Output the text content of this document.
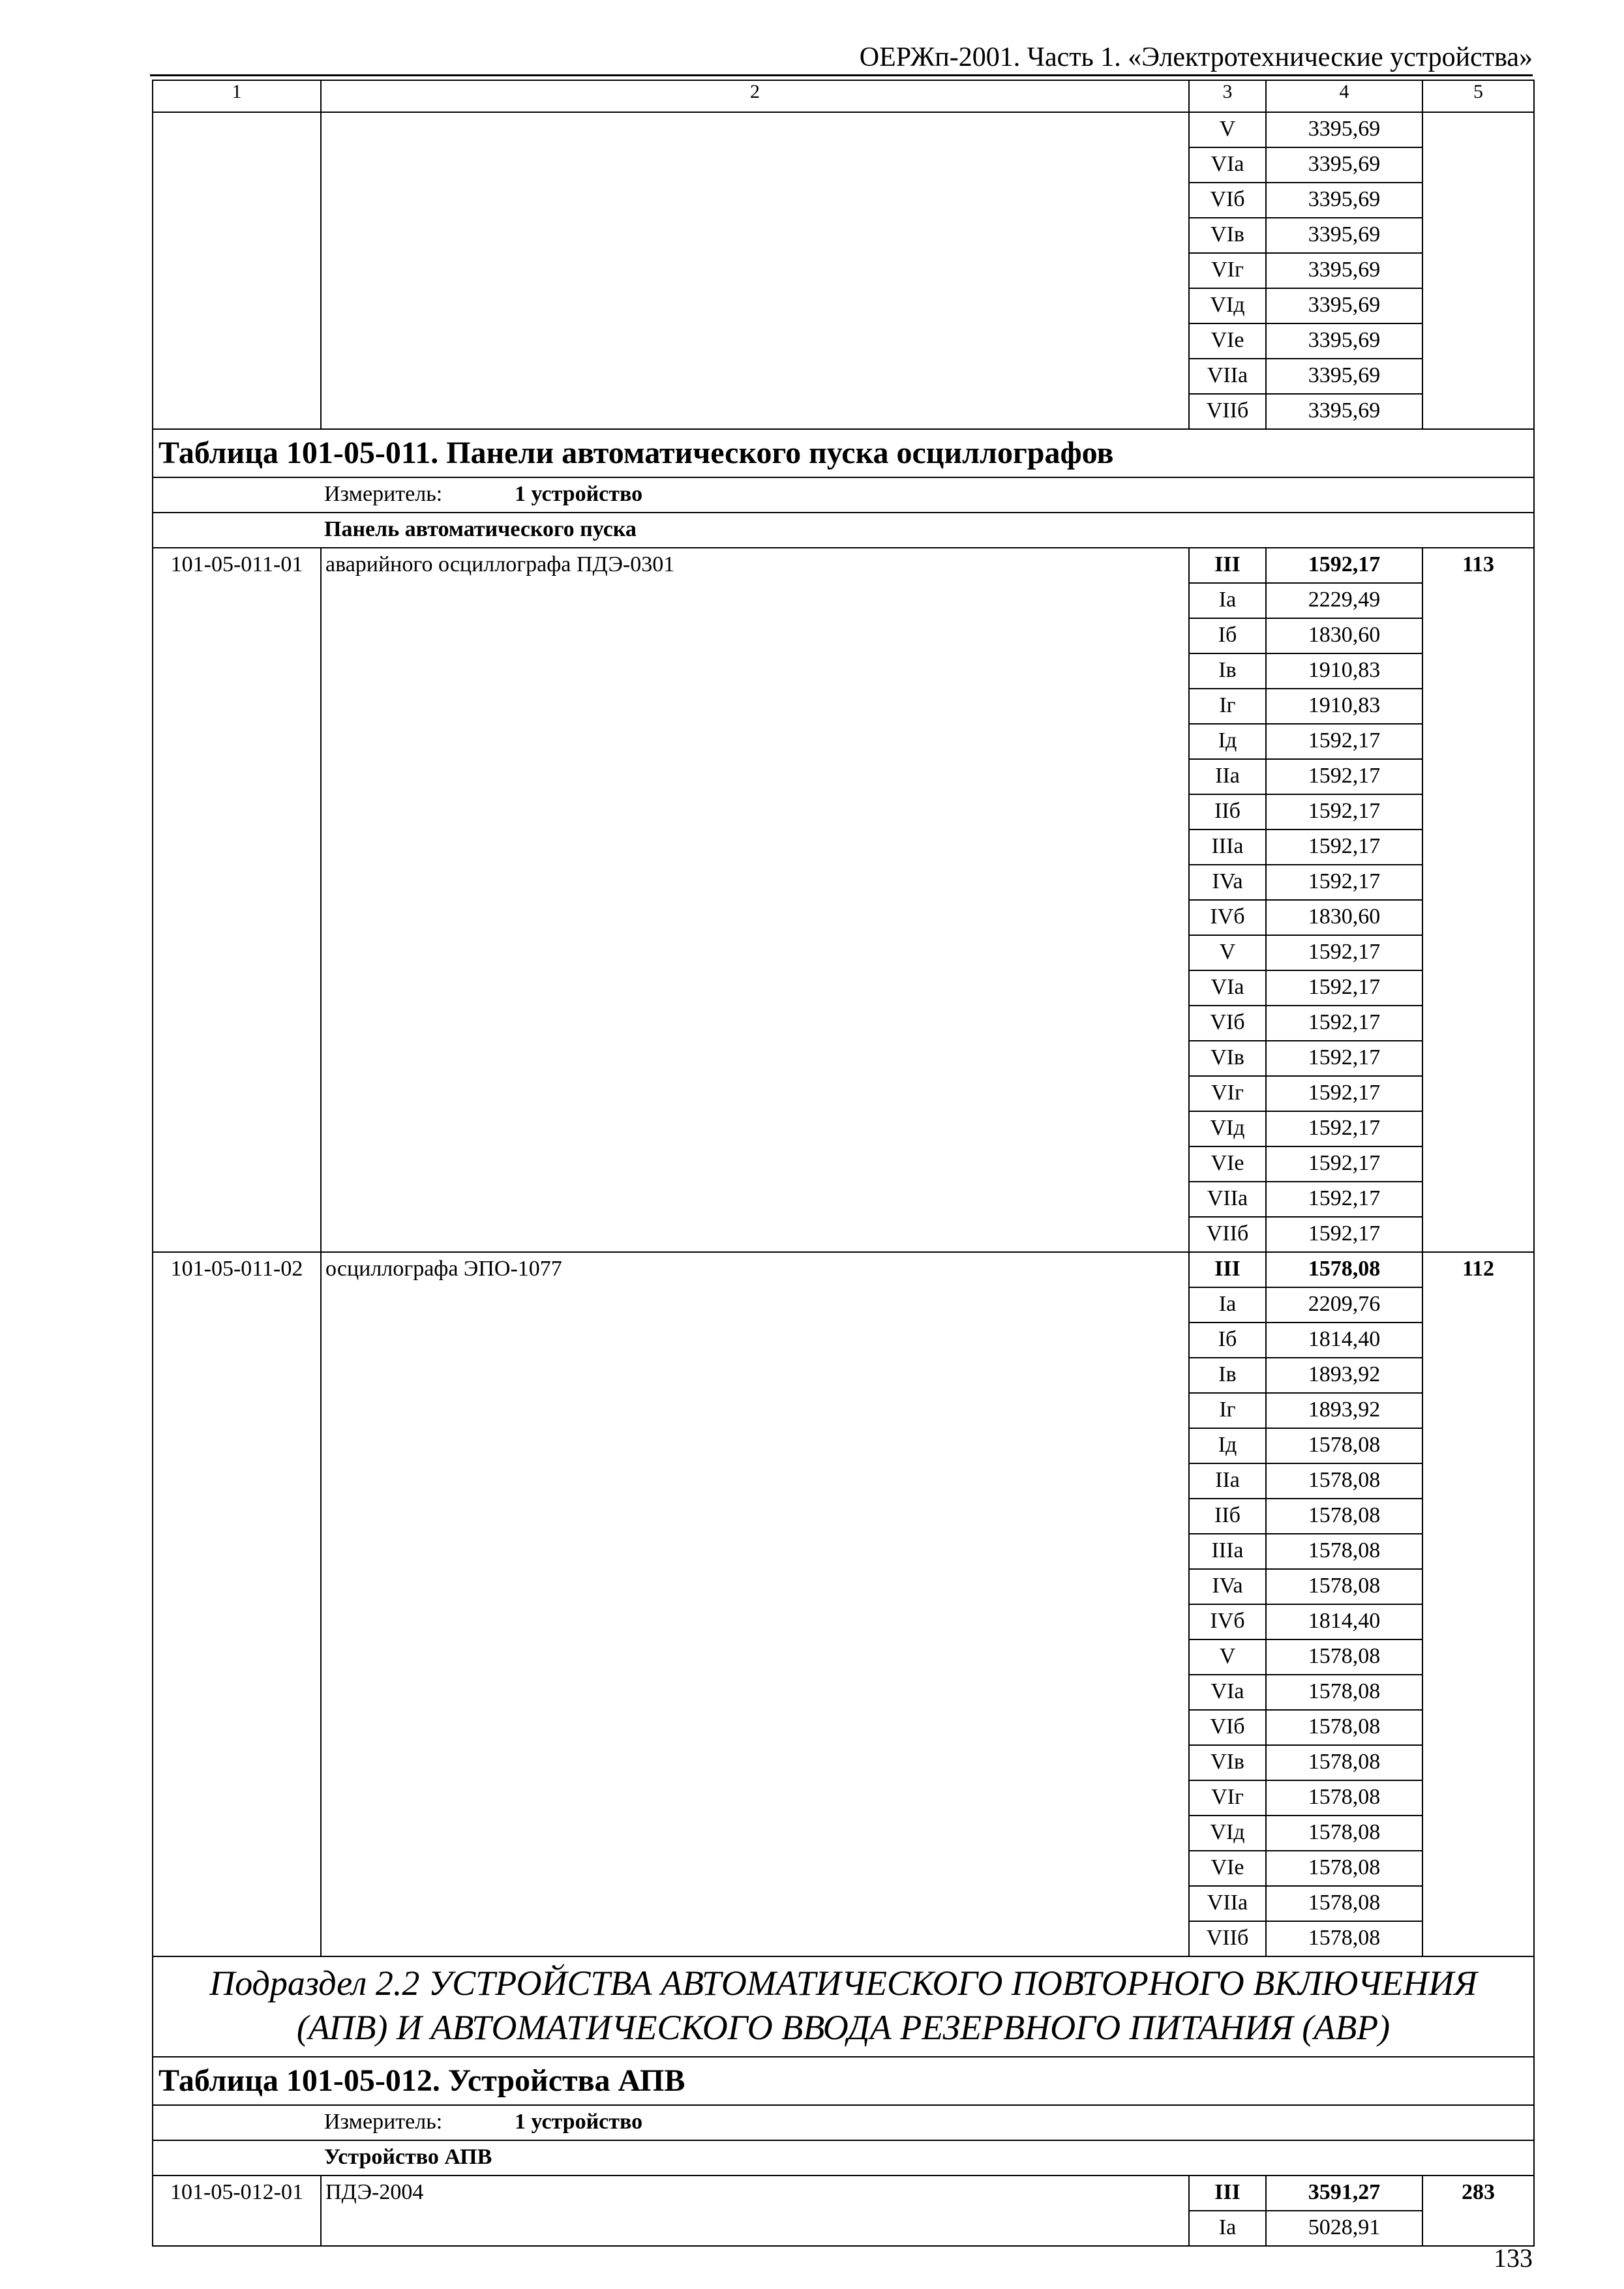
ОЕРЖп-2001. Часть 1. «Электротехнические устройства»
1	2	3	4	5
		V	3395,69	
		VIa	3395,69	
		VIб	3395,69	
		VIв	3395,69	
		VIг	3395,69	
		VIд	3395,69	
		VIе	3395,69	
		VIIa	3395,69	
		VIIб	3395,69	
Таблица 101-05-011. Панели автоматического пуска осциллографов				
Измеритель: 1 устройство				
Панель автоматического пуска				
101-05-011-01	аварийного осциллографа ПДЭ-0301	III	1592,17	113
		Ia	2229,49	
		Iб	1830,60	
		Iв	1910,83	
		Iг	1910,83	
		Iд	1592,17	
		IIa	1592,17	
		IIб	1592,17	
		IIIa	1592,17	
		IVa	1592,17	
		IVб	1830,60	
		V	1592,17	
		VIa	1592,17	
		VIб	1592,17	
		VIв	1592,17	
		VIг	1592,17	
		VIд	1592,17	
		VIе	1592,17	
		VIIa	1592,17	
		VIIб	1592,17	
101-05-011-02	осциллографа ЭПО-1077	III	1578,08	112
		Ia	2209,76	
		Iб	1814,40	
		Iв	1893,92	
		Iг	1893,92	
		Iд	1578,08	
		IIa	1578,08	
		IIб	1578,08	
		IIIa	1578,08	
		IVa	1578,08	
		IVб	1814,40	
		V	1578,08	
		VIa	1578,08	
		VIб	1578,08	
		VIв	1578,08	
		VIг	1578,08	
		VIд	1578,08	
		VIе	1578,08	
		VIIa	1578,08	
		VIIб	1578,08	

Подраздел 2.2 УСТРОЙСТВА АВТОМАТИЧЕСКОГО ПОВТОРНОГО ВКЛЮЧЕНИЯ
(АПВ) И АВТОМАТИЧЕСКОГО ВВОДА РЕЗЕРВНОГО ПИТАНИЯ (АВР)				

Таблица 101-05-012. Устройства АПВ				
Измеритель: 1 устройство				
Устройство АПВ				
101-05-012-01	ПДЭ-2004	III	3591,27	283
		Ia	5028,91	
133
